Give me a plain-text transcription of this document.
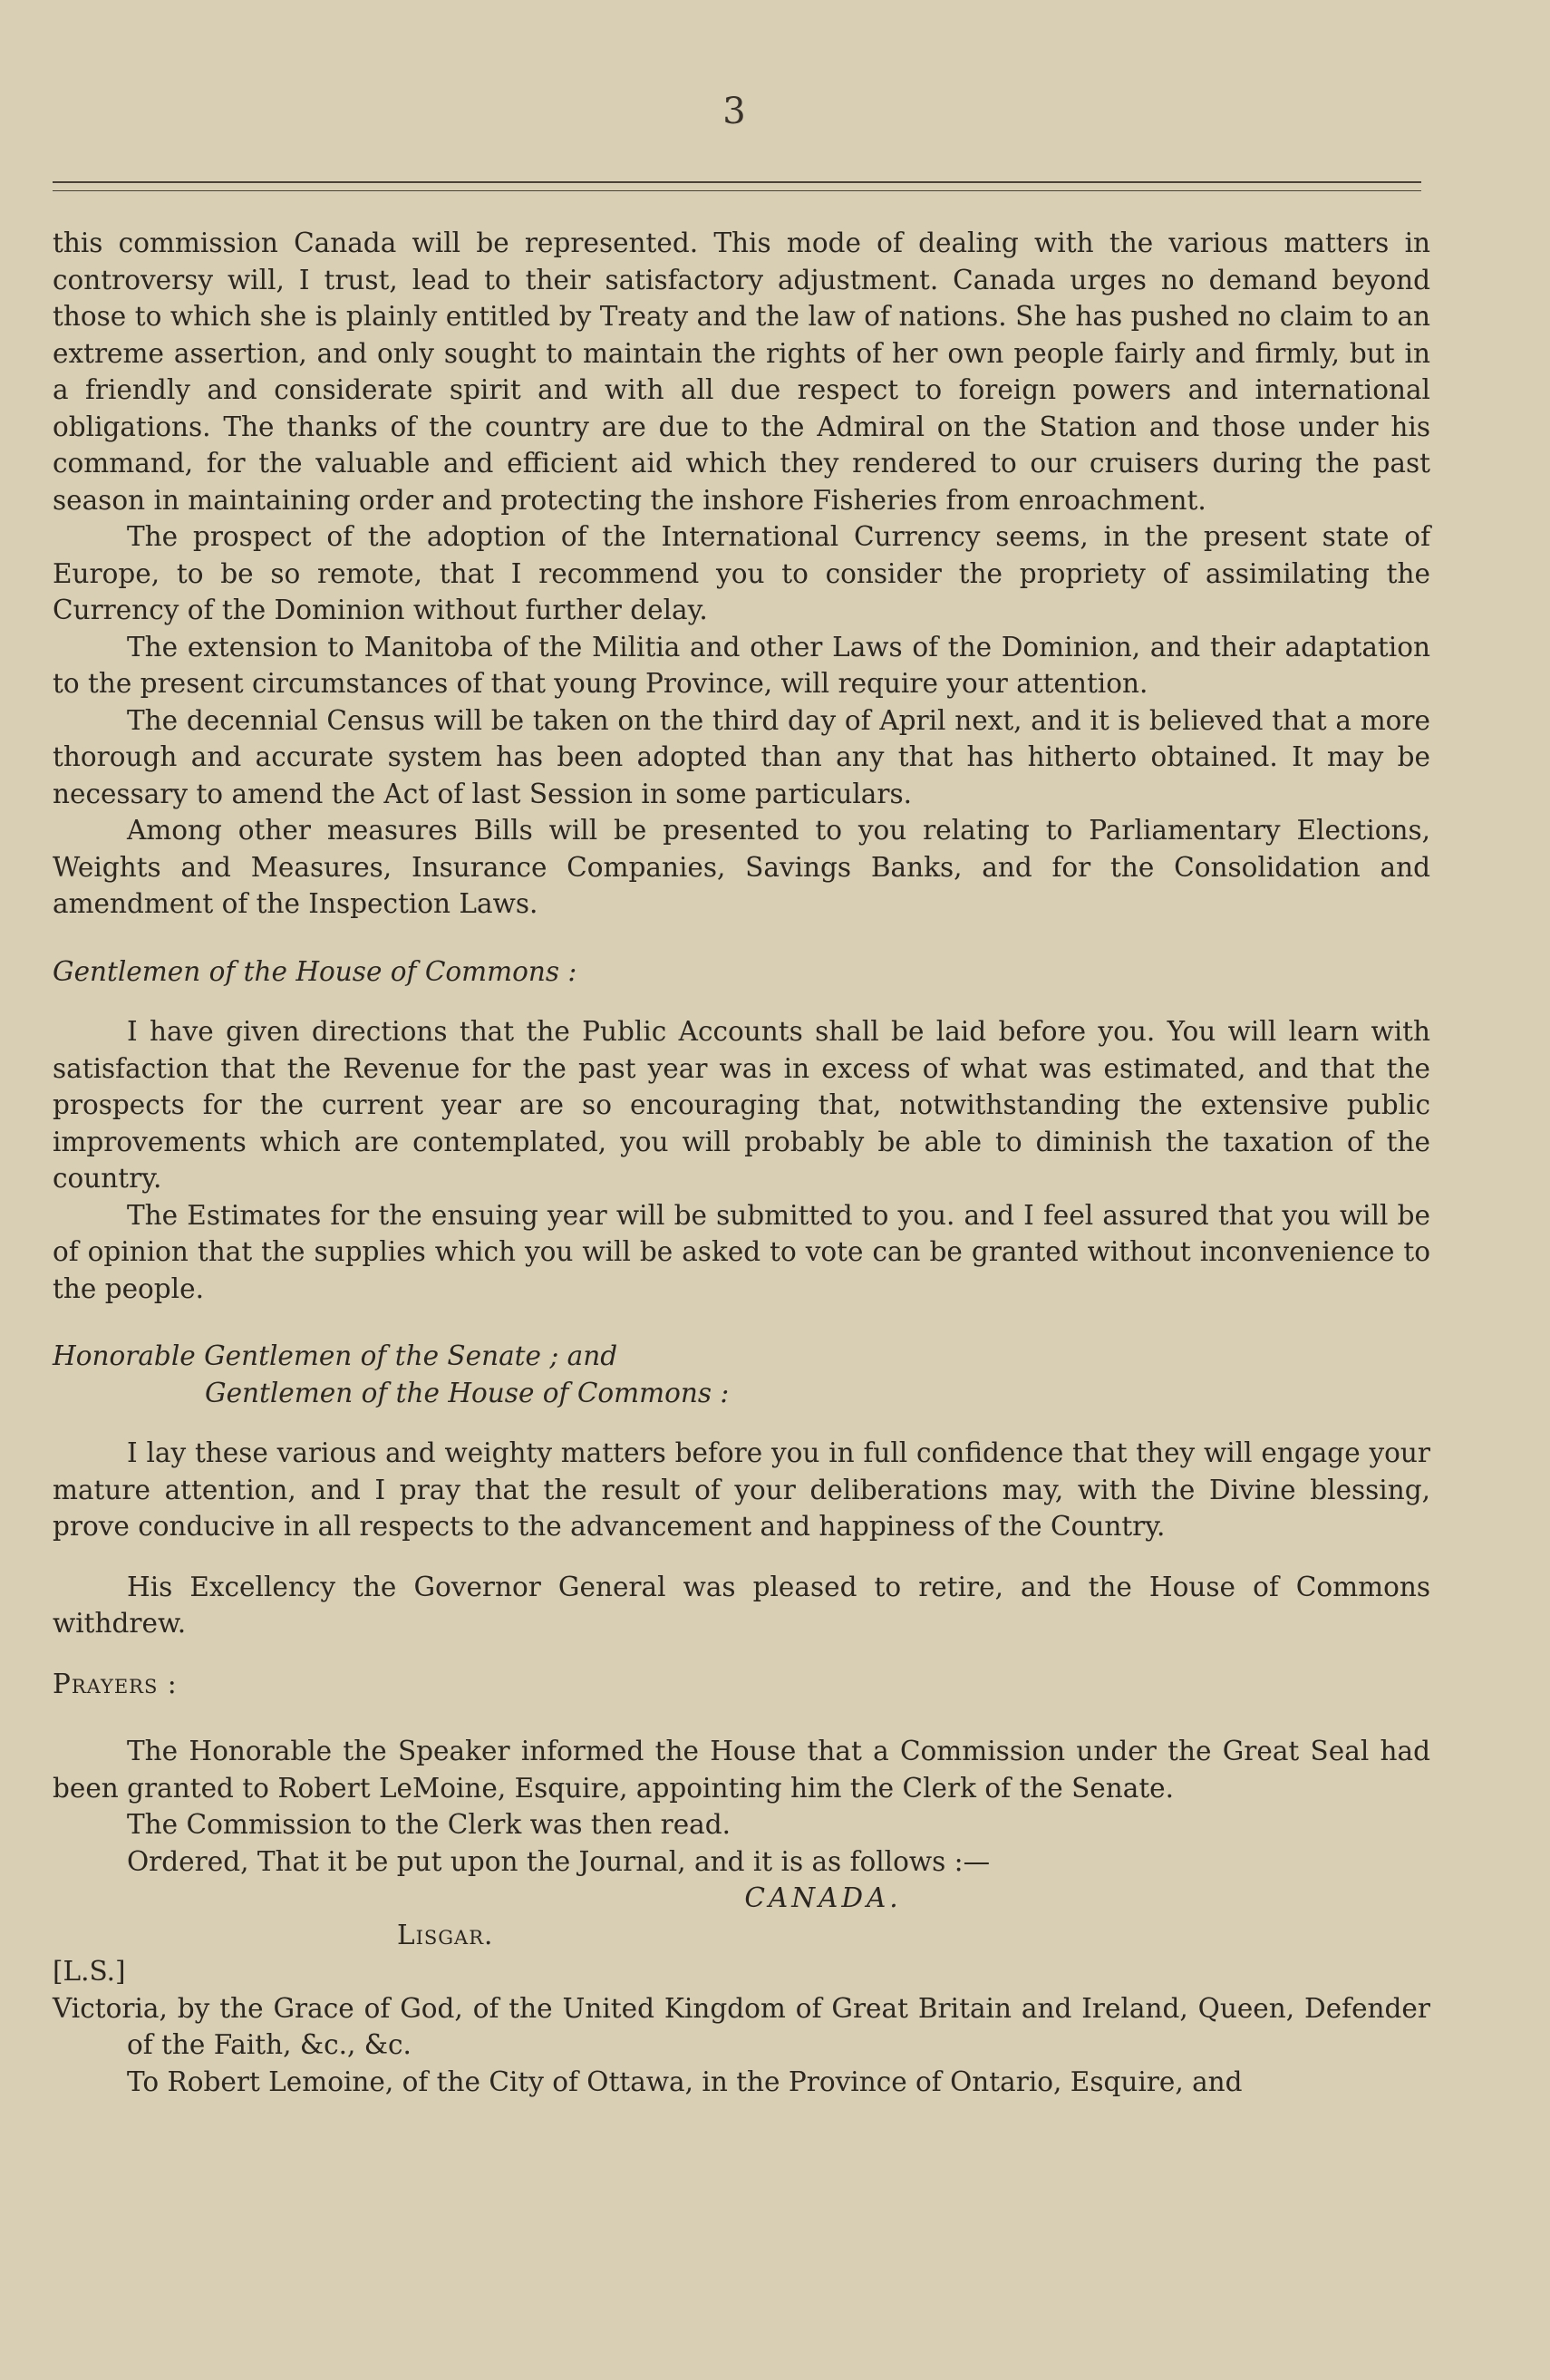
3

this commission Canada will be represented. This mode of dealing with the various matters in controversy will, I trust, lead to their satisfactory adjustment. Canada urges no demand beyond those to which she is plainly entitled by Treaty and the law of nations. She has pushed no claim to an extreme assertion, and only sought to maintain the rights of her own people fairly and firmly, but in a friendly and considerate spirit and with all due respect to foreign powers and international obligations. The thanks of the country are due to the Admiral on the Station and those under his command, for the valuable and efficient aid which they rendered to our cruisers during the past season in maintaining order and protecting the inshore Fisheries from enroachment.

The prospect of the adoption of the International Currency seems, in the present state of Europe, to be so remote, that I recommend you to consider the propriety of assimilating the Currency of the Dominion without further delay.

The extension to Manitoba of the Militia and other Laws of the Dominion, and their adaptation to the present circumstances of that young Province, will require your attention.

The decennial Census will be taken on the third day of April next, and it is believed that a more thorough and accurate system has been adopted than any that has hitherto obtained. It may be necessary to amend the Act of last Session in some particulars.

Among other measures Bills will be presented to you relating to Parliamentary Elections, Weights and Measures, Insurance Companies, Savings Banks, and for the Consolidation and amendment of the Inspection Laws.

Gentlemen of the House of Commons :

I have given directions that the Public Accounts shall be laid before you. You will learn with satisfaction that the Revenue for the past year was in excess of what was estimated, and that the prospects for the current year are so encouraging that, notwithstanding the extensive public improvements which are contemplated, you will probably be able to diminish the taxation of the country.

The Estimates for the ensuing year will be submitted to you. and I feel assured that you will be of opinion that the supplies which you will be asked to vote can be granted without inconvenience to the people.

Honorable Gentlemen of the Senate ; and

Gentlemen of the House of Commons :

I lay these various and weighty matters before you in full confidence that they will engage your mature attention, and I pray that the result of your deliberations may, with the Divine blessing, prove conducive in all respects to the advancement and happiness of the Country.

His Excellency the Governor General was pleased to retire, and the House of Commons withdrew.

Prayers :

The Honorable the Speaker informed the House that a Commission under the Great Seal had been granted to Robert LeMoine, Esquire, appointing him the Clerk of the Senate.

The Commission to the Clerk was then read.

Ordered, That it be put upon the Journal, and it is as follows :—

CANADA.

Lisgar.

[L.S.]

Victoria, by the Grace of God, of the United Kingdom of Great Britain and Ireland, Queen, Defender of the Faith, &c., &c.

To Robert Lemoine, of the City of Ottawa, in the Province of Ontario, Esquire, and
